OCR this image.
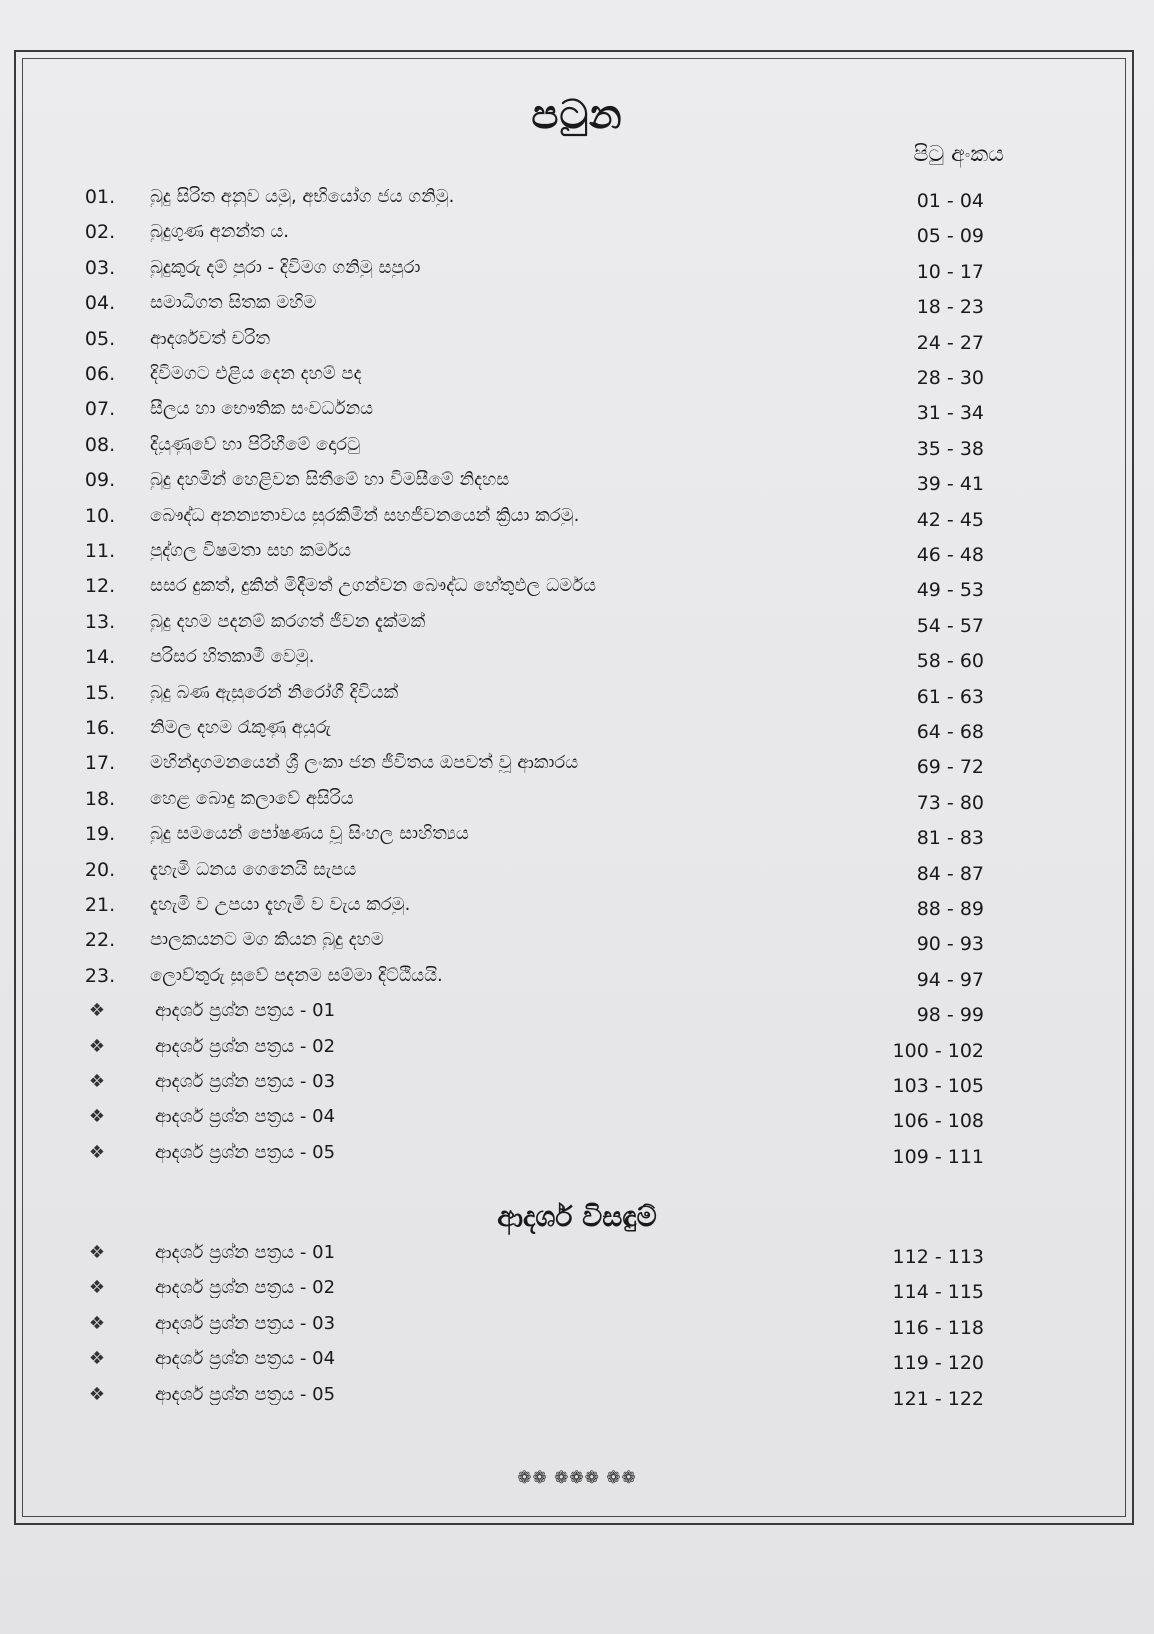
පටුන
පිටු අංකය
01.	බුදු සිරිත අනුව යමු, අභියෝග ජය ගනිමු.	01 - 04
02.	බුදුගුණ අනන්ත ය.	05 - 09
03.	බුදුකුරු දම් පුරා - දිවිමග ගනිමු සපුරා	10 - 17
04.	සමාධිගත සිතක මහිම	18 - 23
05.	ආදර්ශවත් චරිත	24 - 27
06.	දිවිමගට එළිය දෙන දහම් පද	28 - 30
07.	සීලය හා භෞතික සංවර්ධනය	31 - 34
08.	දියුණුවේ හා පිරිහීමේ දොරටු	35 - 38
09.	බුදු දහමින් හෙළිවන සිතීමේ හා විමසීමේ නිදහස	39 - 41
10.	බෞද්ධ අනන්‍යතාවය සුරකිමින් සහජීවනයෙන් ක්‍රියා කරමු.	42 - 45
11.	පුද්ගල විෂමතා සහ කර්මය	46 - 48
12.	සසර දුකත්, දුකින් මිදීමත් උගන්වන බෞද්ධ හේතුඵල ධර්මය	49 - 53
13.	බුදු දහම පදනම් කරගත් ජීවන දැක්මක්	54 - 57
14.	පරිසර හිතකාමී වෙමු.	58 - 60
15.	බුදු බණ ඇසුරෙන් නිරෝගී දිවියක්	61 - 63
16.	නිමල දහම රැකුණු අයුරු	64 - 68
17.	මහින්දාගමනයෙන් ශ්‍රී ලංකා ජන ජීවිතය ඔපවත් වූ ආකාරය	69 - 72
18.	හෙළ බොදු කලාවේ අසිරිය	73 - 80
19.	බුදු සමයෙන් පෝෂණය වූ සිංහල සාහිත්‍යය	81 - 83
20.	දැහැමි ධනය ගෙනෙයි සැපය	84 - 87
21.	දැහැමි ව උපයා දැහැමි ව වැය කරමු.	88 - 89
22.	පාලකයනට මග කියන බුදු දහම	90 - 93
23.	ලොව්තුරු සුවේ පදනම සම්මා දිට්ඨියයි.	94 - 97
❖	ආදර්ශ ප්‍රශ්න පත්‍රය - 01	98 - 99
❖	ආදර්ශ ප්‍රශ්න පත්‍රය - 02	100 - 102
❖	ආදර්ශ ප්‍රශ්න පත්‍රය - 03	103 - 105
❖	ආදර්ශ ප්‍රශ්න පත්‍රය - 04	106 - 108
❖	ආදර්ශ ප්‍රශ්න පත්‍රය - 05	109 - 111
ආදර්ශ විසඳුම්
❖	ආදර්ශ ප්‍රශ්න පත්‍රය - 01	112 - 113
❖	ආදර්ශ ප්‍රශ්න පත්‍රය - 02	114 - 115
❖	ආදර්ශ ප්‍රශ්න පත්‍රය - 03	116 - 118
❖	ආදර්ශ ප්‍රශ්න පත්‍රය - 04	119 - 120
❖	ආදර්ශ ප්‍රශ්න පත්‍රය - 05	121 - 122
❁❁ ❁❁❁ ❁❁
